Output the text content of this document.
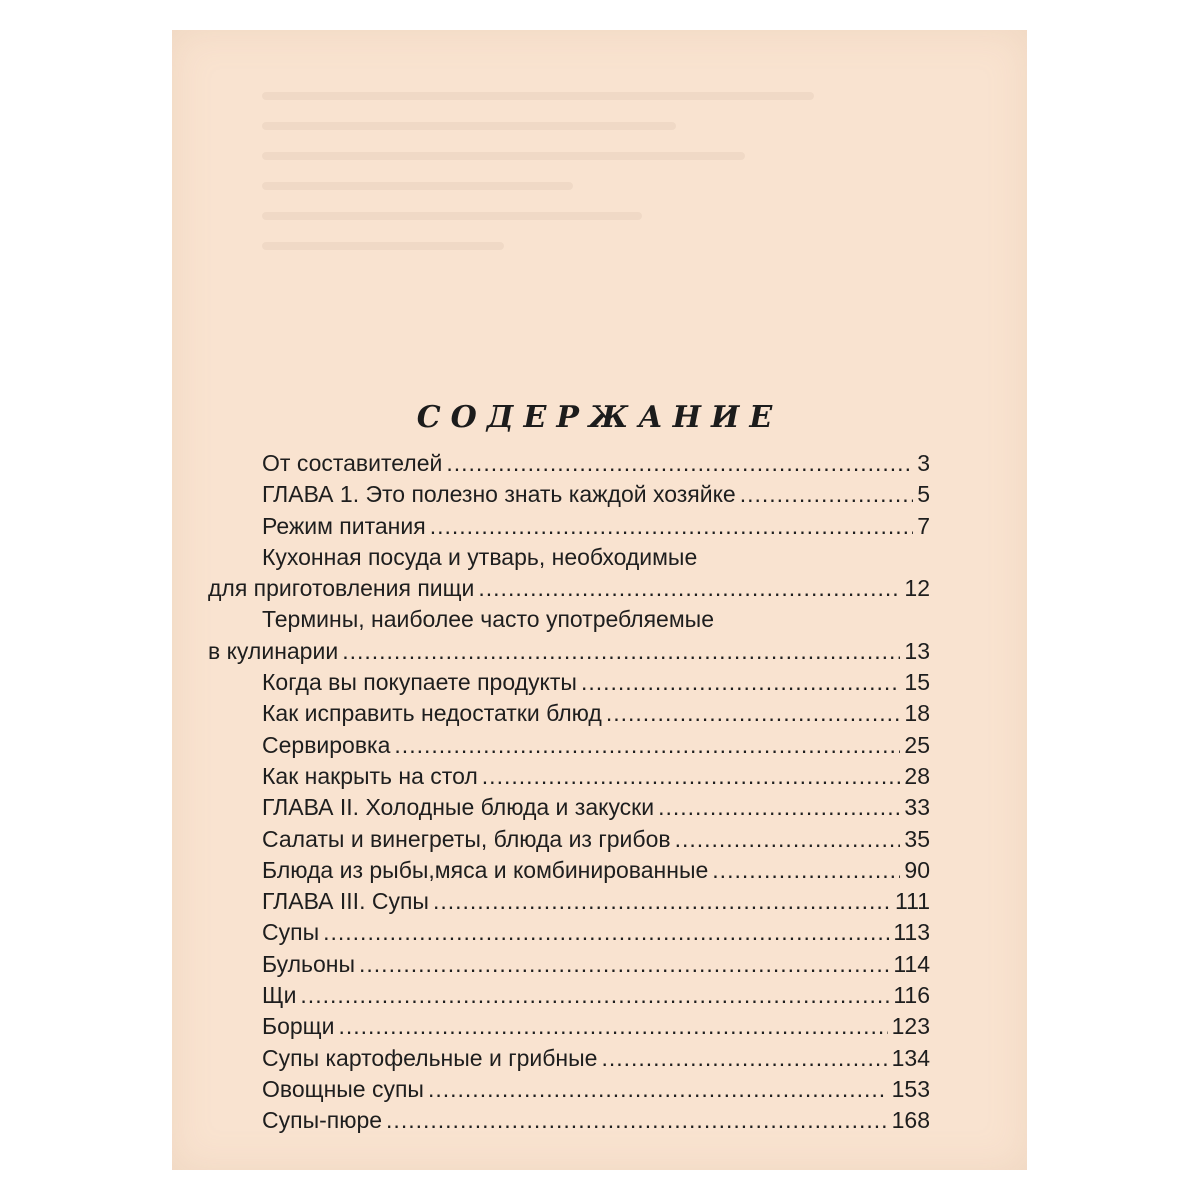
СОДЕРЖАНИЕ
От составителей .....	3
ГЛАВА 1. Это полезно знать каждой хозяйке .....	5
Режим питания .....	7
Кухонная посуда и утварь, необходимые
для приготовления пищи .....	12
Термины, наиболее часто употребляемые
в кулинарии .....	13
Когда вы покупаете продукты .....	15
Как исправить недостатки блюд .....	18
Сервировка .....	25
Как накрыть на стол .....	28
ГЛАВА II. Холодные блюда и закуски .....	33
Салаты и винегреты, блюда из грибов .....	35
Блюда из рыбы,мяса и комбинированные .....	90
ГЛАВА III. Супы .....	111
Супы .....	113
Бульоны .....	114
Щи .....	116
Борщи .....	123
Супы картофельные и грибные .....	134
Овощные супы .....	153
Супы-пюре .....	168
